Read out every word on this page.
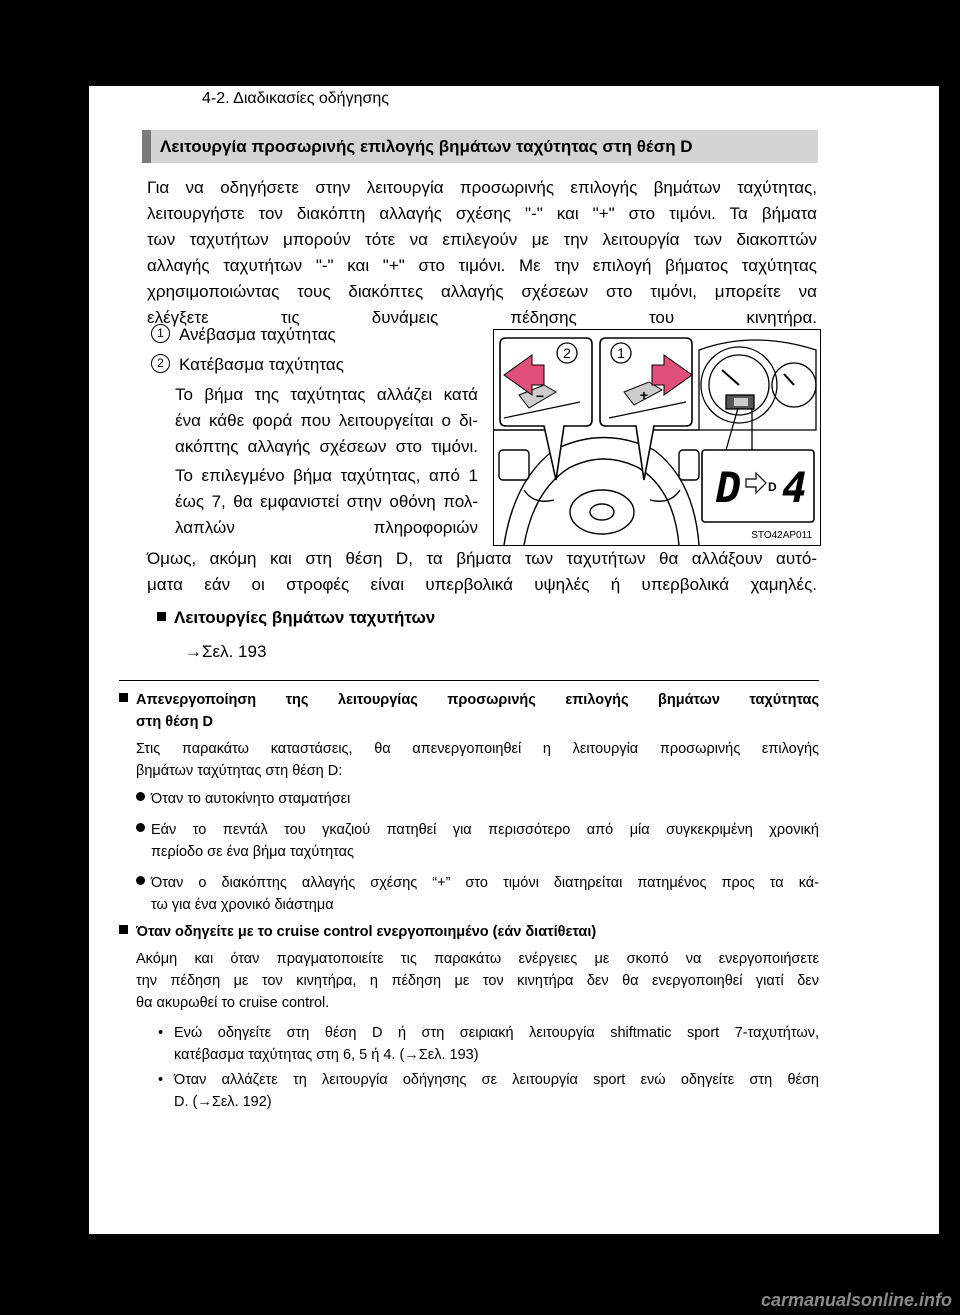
4-2. Διαδικασίες οδήγησης
Λειτουργία προσωρινής επιλογής βημάτων ταχύτητας στη θέση D
Για να οδηγήσετε στην λειτουργία προσωρινής επιλογής βημάτων ταχύτητας,
λειτουργήστε τον διακόπτη αλλαγής σχέσης "-" και "+" στο τιμόνι. Τα βήματα
των ταχυτήτων μπορούν τότε να επιλεγούν με την λειτουργία των διακοπτών
αλλαγής ταχυτήτων "-" και "+" στο τιμόνι. Με την επιλογή βήματος ταχύτητας
χρησιμοποιώντας τους διακόπτες αλλαγής σχέσεων στο τιμόνι, μπορείτε να
ελέγξετε τις δυνάμεις πέδησης του κινητήρα.
1 Ανέβασμα ταχύτητας
2 Κατέβασμα ταχύτητας
Το βήμα της ταχύτητας αλλάζει κατά
ένα κάθε φορά που λειτουργείται ο δι-
ακόπτης αλλαγής σχέσεων στο τιμόνι.
Το επιλεγμένο βήμα ταχύτητας, από 1
έως 7, θα εμφανιστεί στην οθόνη πολ-
λαπλών πληροφοριών
2	1
−	+
D D 4
STO42AP011
Όμως, ακόμη και στη θέση D, τα βήματα των ταχυτήτων θα αλλάξουν αυτό-
ματα εάν οι στροφές είναι υπερβολικά υψηλές ή υπερβολικά χαμηλές.
Λειτουργίες βημάτων ταχυτήτων
→Σελ. 193
Απενεργοποίηση της λειτουργίας προσωρινής επιλογής βημάτων ταχύτητας
στη θέση D
Στις παρακάτω καταστάσεις, θα απενεργοποιηθεί η λειτουργία προσωρινής επιλογής
βημάτων ταχύτητας στη θέση D:
Όταν το αυτοκίνητο σταματήσει
Εάν το πεντάλ του γκαζιού πατηθεί για περισσότερο από μία συγκεκριμένη χρονική
περίοδο σε ένα βήμα ταχύτητας
Όταν ο διακόπτης αλλαγής σχέσης “+” στο τιμόνι διατηρείται πατημένος προς τα κά-
τω για ένα χρονικό διάστημα
Όταν οδηγείτε με το cruise control ενεργοποιημένο (εάν διατίθεται)
Ακόμη και όταν πραγματοποιείτε τις παρακάτω ενέργειες με σκοπό να ενεργοποιήσετε
την πέδηση με τον κινητήρα, η πέδηση με τον κινητήρα δεν θα ενεργοποιηθεί γιατί δεν
θα ακυρωθεί το cruise control.
• Ενώ οδηγείτε στη θέση D ή στη σειριακή λειτουργία shiftmatic sport 7-ταχυτήτων,
κατέβασμα ταχύτητας στη 6, 5 ή 4. (→Σελ. 193)
• Όταν αλλάζετε τη λειτουργία οδήγησης σε λειτουργία sport ενώ οδηγείτε στη θέση
D. (→Σελ. 192)
carmanualsonline.info
